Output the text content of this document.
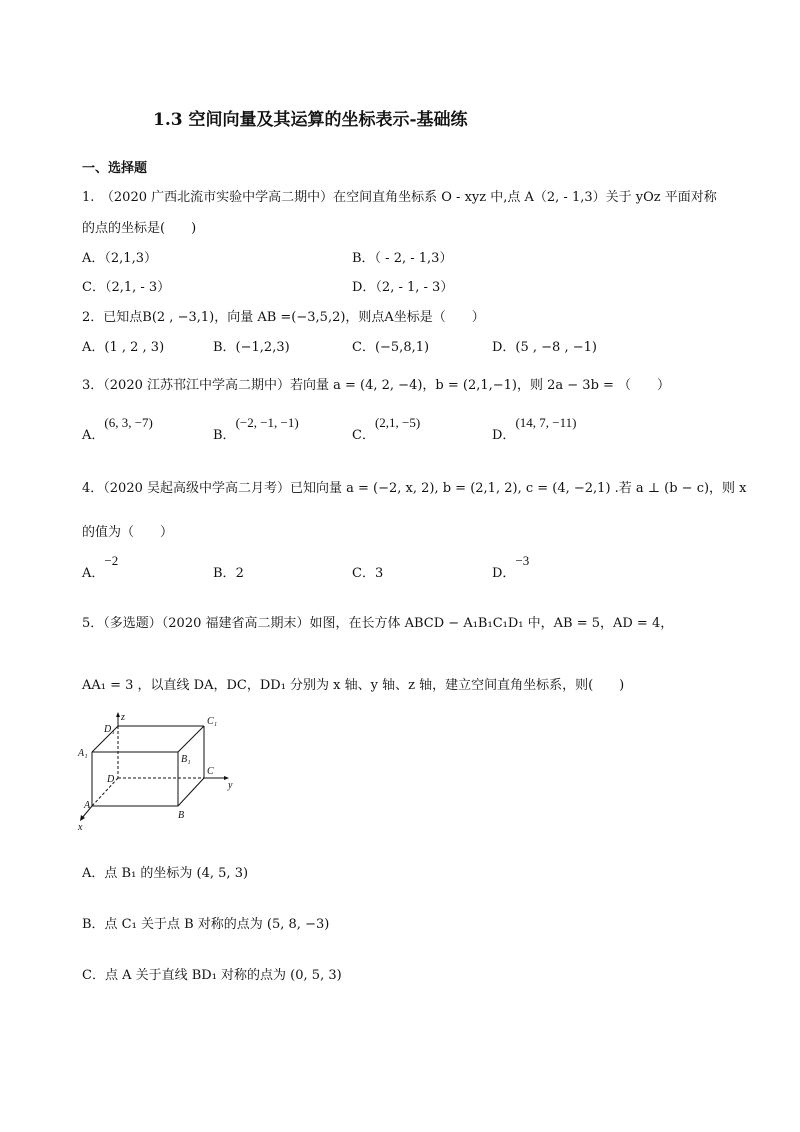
1.3 空间向量及其运算的坐标表示-基础练
一、选择题
1.　（2020 广西北流市实验中学高二期中）在空间直角坐标系 O - xyz 中,点 A（2, - 1,3）关于 yOz 平面对称
的点的坐标是(　　)
A．（2,1,3）	B．（ - 2, - 1,3）
C．（2,1, - 3）	D．（2, - 1, - 3）
2．已知点B(2 , −3,1)，向量 AB =(−3,5,2)，则点A坐标是（　　）
A．(1 , 2 , 3)	B．(−1,2,3)	C．(−5,8,1)	D．(5 , −8 , −1)
3．（2020 江苏邗江中学高二期中）若向量 a = (4, 2, −4)，b = (2,1,−1)，则 2a − 3b = （　　）
A．(6, 3, −7)
B．(−2, −1, −1)
C．(2,1, −5)
D．(14, 7, −11)
4．（2020 吴起高级中学高二月考）已知向量 a = (−2, x, 2), b = (2,1, 2), c = (4, −2,1) .若 a ⊥ (b − c)，则 x
的值为（　　）
A．−2
B．2	C．3	D．−3
5．（多选题）（2020 福建省高二期末）如图，在长方体 ABCD − A₁B₁C₁D₁ 中，AB = 5，AD = 4，
AA₁ = 3 ，以直线 DA，DC，DD₁ 分别为 x 轴、y 轴、z 轴，建立空间直角坐标系，则(　　)
D₁
z	C₁
A₁
B₁
D
C
y
A
B
x
A．点 B₁ 的坐标为 (4, 5, 3)
B．点 C₁ 关于点 B 对称的点为 (5, 8, −3)
C．点 A 关于直线 BD₁ 对称的点为 (0, 5, 3)
